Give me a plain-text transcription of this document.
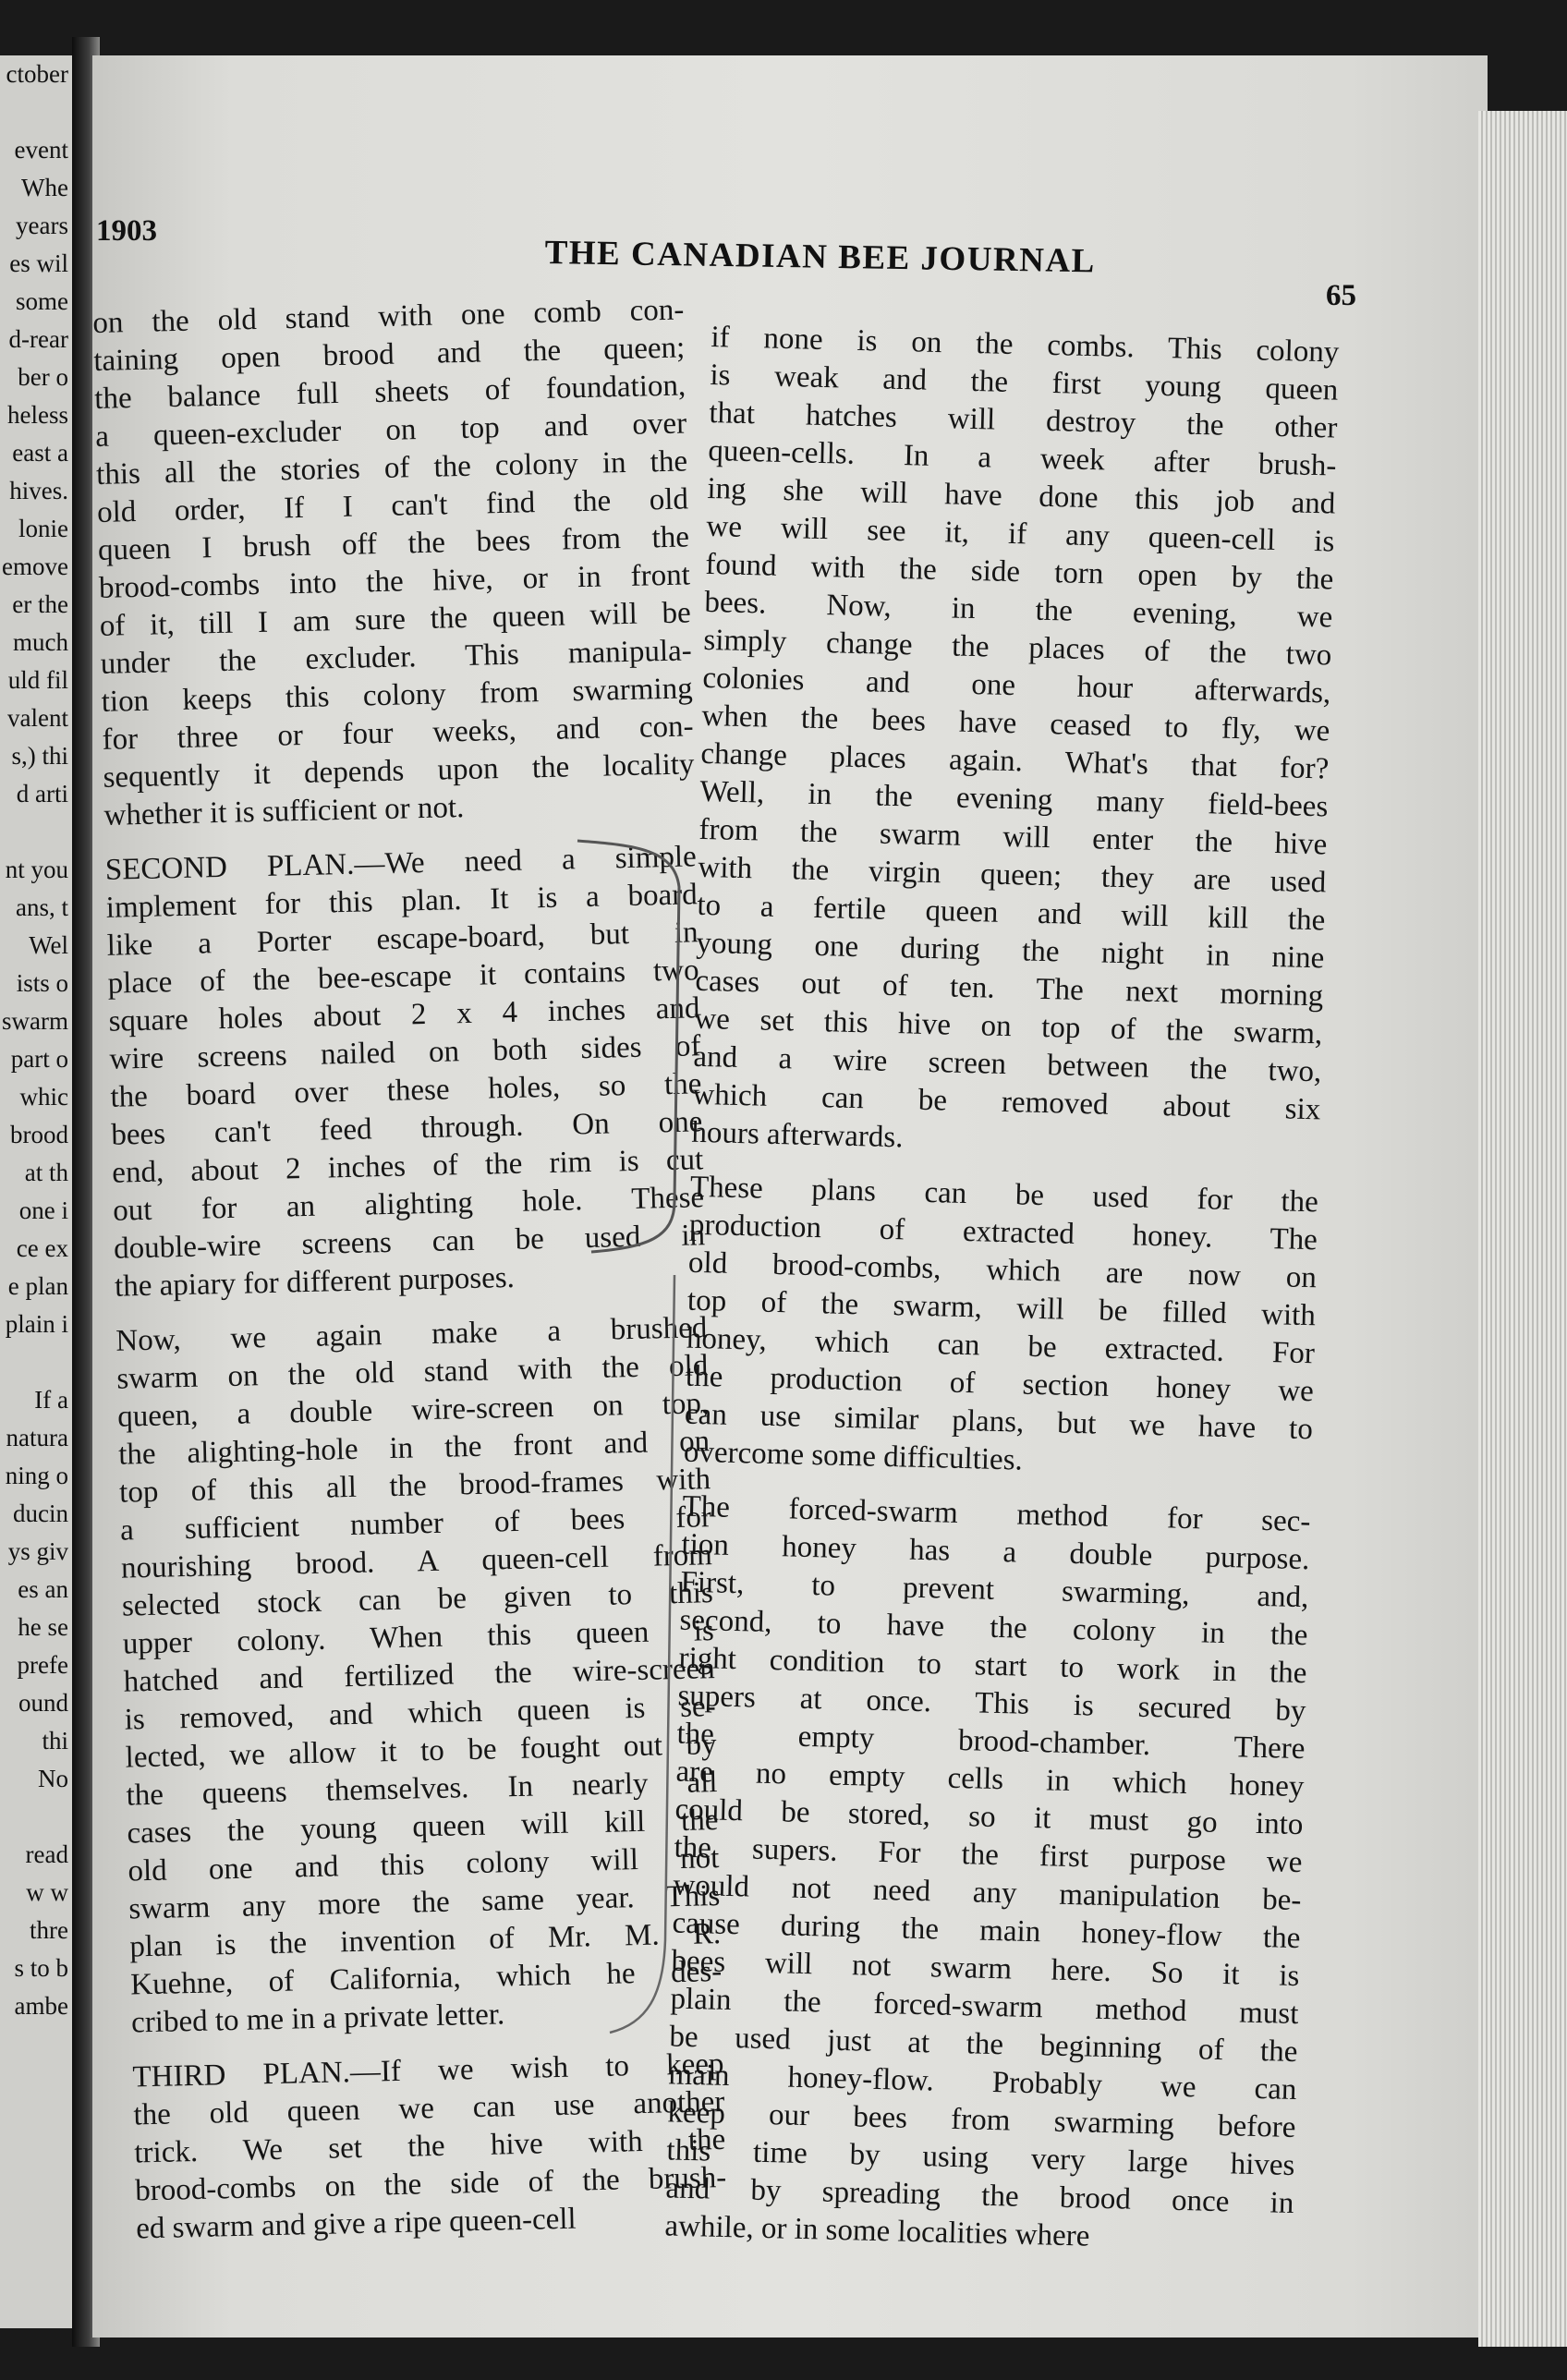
ctober

event
Whe
years
es wil
some
d-rear
ber o
heless
east a
hives.
lonie
emove
er the
much
uld fil
valent
s,) thi
d arti

nt you
ans, t
Wel
ists o
swarm
part o
whic
brood
at th
one i
ce ex
e plan
plain i

If a
natura
ning o
ducin
ys giv
es an
he se
prefe
ound
thi
No

read
w w
thre
s to b
ambe
1903
THE CANADIAN BEE JOURNAL
65
on the old stand with one comb con-
taining open brood and the queen;
the balance full sheets of foundation,
a queen-excluder on top and over
this all the stories of the colony in the
old order, If I can't find the old
queen I brush off the bees from the
brood-combs into the hive, or in front
of it, till I am sure the queen will be
under the excluder. This manipula-
tion keeps this colony from swarming
for three or four weeks, and con-
sequently it depends upon the locality
whether it is sufficient or not.
SECOND PLAN.—We need a simple
implement for this plan. It is a board
like a Porter escape-board, but in
place of the bee-escape it contains two
square holes about 2 x 4 inches and
wire screens nailed on both sides of
the board over these holes, so the
bees can't feed through. On one
end, about 2 inches of the rim is cut
out for an alighting hole. These
double-wire screens can be used in
the apiary for different purposes.
Now, we again make a brushed
swarm on the old stand with the old
queen, a double wire-screen on top,
the alighting-hole in the front and on
top of this all the brood-frames with
a sufficient number of bees for
nourishing brood. A queen-cell from
selected stock can be given to this
upper colony. When this queen is
hatched and fertilized the wire-screen
is removed, and which queen is se-
lected, we allow it to be fought out by
the queens themselves. In nearly all
cases the young queen will kill the
old one and this colony will not
swarm any more the same year. This
plan is the invention of Mr. M. R.
Kuehne, of California, which he des-
cribed to me in a private letter.
THIRD PLAN.—If we wish to keep
the old queen we can use another
trick. We set the hive with the
brood-combs on the side of the brush-
ed swarm and give a ripe queen-cell
if none is on the combs. This colony
is weak and the first young queen
that hatches will destroy the other
queen-cells. In a week after brush-
ing she will have done this job and
we will see it, if any queen-cell is
found with the side torn open by the
bees. Now, in the evening, we
simply change the places of the two
colonies and one hour afterwards,
when the bees have ceased to fly, we
change places again. What's that for?
Well, in the evening many field-bees
from the swarm will enter the hive
with the virgin queen; they are used
to a fertile queen and will kill the
young one during the night in nine
cases out of ten. The next morning
we set this hive on top of the swarm,
and a wire screen between the two,
which can be removed about six
hours afterwards.
These plans can be used for the
production of extracted honey. The
old brood-combs, which are now on
top of the swarm, will be filled with
honey, which can be extracted. For
the production of section honey we
can use similar plans, but we have to
overcome some difficulties.
The forced-swarm method for sec-
tion honey has a double purpose.
First, to prevent swarming, and,
second, to have the colony in the
right condition to start to work in the
supers at once. This is secured by
the empty brood-chamber. There
are no empty cells in which honey
could be stored, so it must go into
the supers. For the first purpose we
would not need any manipulation be-
cause during the main honey-flow the
bees will not swarm here. So it is
plain the forced-swarm method must
be used just at the beginning of the
main honey-flow. Probably we can
keep our bees from swarming before
this time by using very large hives
and by spreading the brood once in
awhile, or in some localities where
